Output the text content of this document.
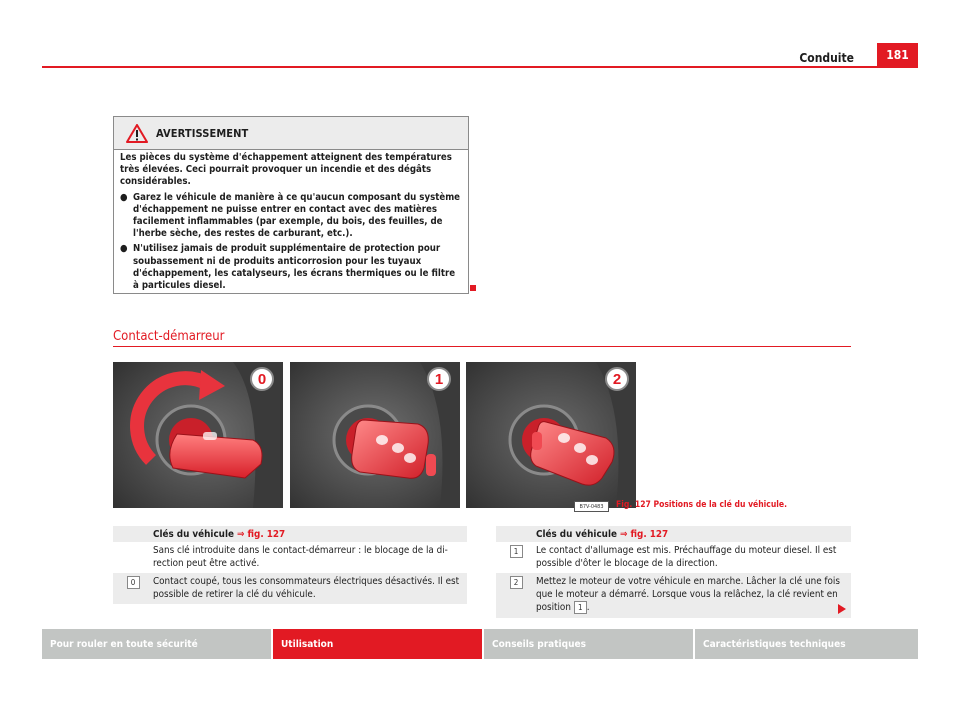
Conduite	181
AVERTISSEMENT

Les pièces du système d'échappement atteignent des températures très élevées. Ceci pourrait provoquer un incendie et des dégâts considérables.

● Garez le véhicule de manière à ce qu'aucun composant du système d'échappement ne puisse entrer en contact avec des matières facilement inflammables (par exemple, du bois, des feuilles, de l'herbe sèche, des restes de carburant, etc.).

● N'utilisez jamais de produit supplémentaire de protection pour soubassement ni de produits anticorrosion pour les tuyaux d'échappement, les catalyseurs, les écrans thermiques ou le filtre à particules diesel.

Contact-démarreur
0	1	2
B7V-0483	Fig. 127 Positions de la clé du véhicule.
Clés du véhicule
⇒ fig. 127
Sans clé introduite dans le contact-démarreur : le blocage de la direction peut être activé.
0	Contact coupé, tous les consommateurs électriques désactivés. Il est possible de retirer la clé du véhicule.
Clés du véhicule
⇒ fig. 127
1	Le contact d'allumage est mis. Préchauffage du moteur diesel. Il est possible d'ôter le blocage de la direction.
2	Mettez le moteur de votre véhicule en marche. Lâcher la clé une fois que le moteur a démarré. Lorsque vous la relâchez, la clé revient en position 1 .
Pour rouler en toute sécurité	Utilisation	Conseils pratiques	Caractéristiques techniques
